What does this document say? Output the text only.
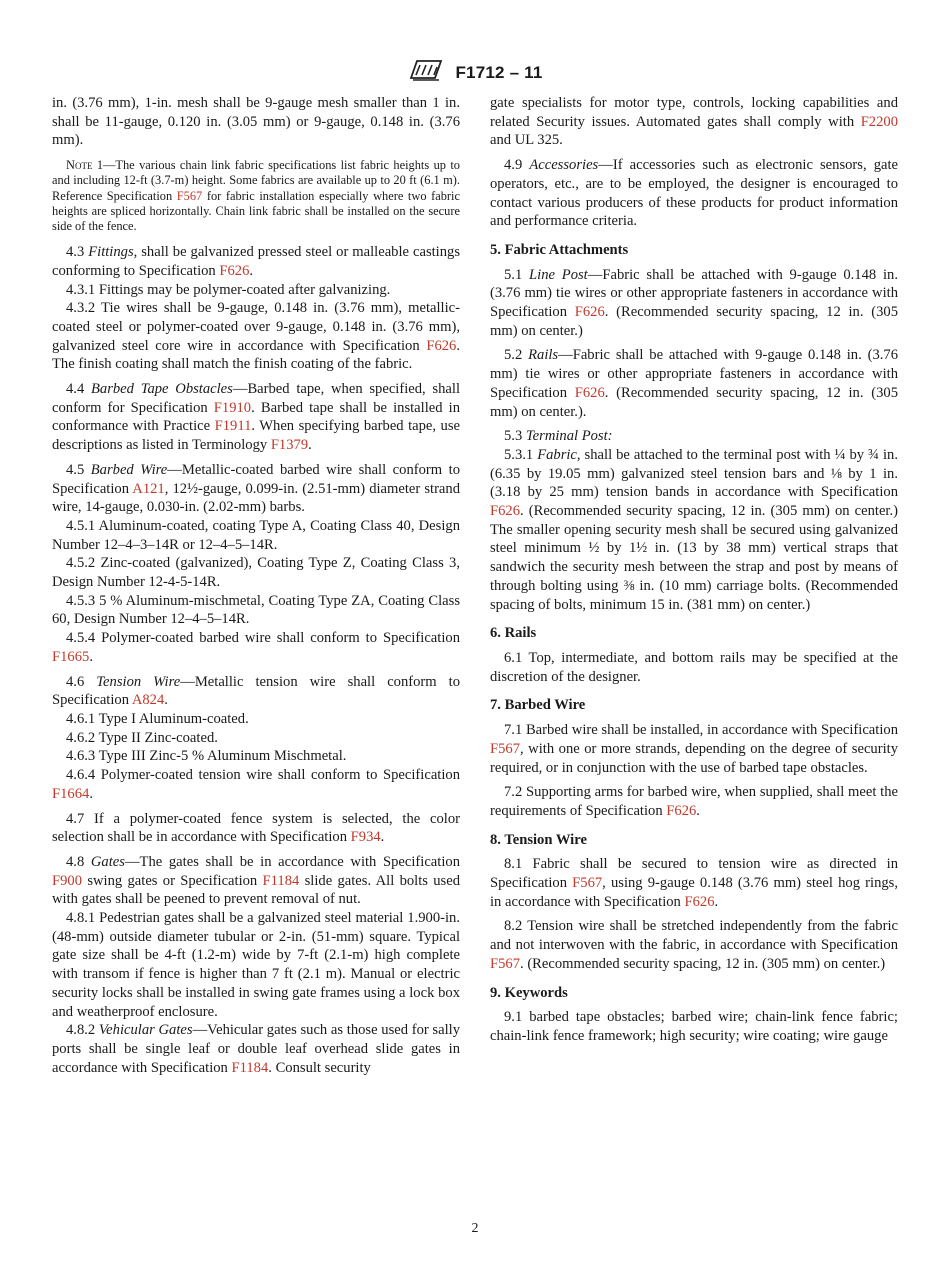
F1712 – 11

in. (3.76 mm), 1-in. mesh shall be 9-gauge mesh smaller than 1 in. shall be 11-gauge, 0.120 in. (3.05 mm) or 9-gauge, 0.148 in. (3.76 mm).

Note 1—The various chain link fabric specifications list fabric heights up to and including 12-ft (3.7-m) height. Some fabrics are available up to 20 ft (6.1 m). Reference Specification F567 for fabric installation especially where two fabric heights are spliced horizontally. Chain link fabric shall be installed on the secure side of the fence.

4.3 Fittings, shall be galvanized pressed steel or malleable castings conforming to Specification F626.

4.3.1 Fittings may be polymer-coated after galvanizing.

4.3.2 Tie wires shall be 9-gauge, 0.148 in. (3.76 mm), metallic-coated steel or polymer-coated over 9-gauge, 0.148 in. (3.76 mm), galvanized steel core wire in accordance with Specification F626. The finish coating shall match the finish coating of the fabric.

4.4 Barbed Tape Obstacles—Barbed tape, when specified, shall conform for Specification F1910. Barbed tape shall be installed in conformance with Practice F1911. When specifying barbed tape, use descriptions as listed in Terminology F1379.

4.5 Barbed Wire—Metallic-coated barbed wire shall conform to Specification A121, 12½-gauge, 0.099-in. (2.51-mm) diameter strand wire, 14-gauge, 0.030-in. (2.02-mm) barbs.

4.5.1 Aluminum-coated, coating Type A, Coating Class 40, Design Number 12–4–3–14R or 12–4–5–14R.

4.5.2 Zinc-coated (galvanized), Coating Type Z, Coating Class 3, Design Number 12-4-5-14R.

4.5.3 5 % Aluminum-mischmetal, Coating Type ZA, Coating Class 60, Design Number 12–4–5–14R.

4.5.4 Polymer-coated barbed wire shall conform to Specification F1665.

4.6 Tension Wire—Metallic tension wire shall conform to Specification A824.

4.6.1 Type I Aluminum-coated.

4.6.2 Type II Zinc-coated.

4.6.3 Type III Zinc-5 % Aluminum Mischmetal.

4.6.4 Polymer-coated tension wire shall conform to Specification F1664.

4.7 If a polymer-coated fence system is selected, the color selection shall be in accordance with Specification F934.

4.8 Gates—The gates shall be in accordance with Specification F900 swing gates or Specification F1184 slide gates. All bolts used with gates shall be peened to prevent removal of nut.

4.8.1 Pedestrian gates shall be a galvanized steel material 1.900-in. (48-mm) outside diameter tubular or 2-in. (51-mm) square. Typical gate size shall be 4-ft (1.2-m) wide by 7-ft (2.1-m) high complete with transom if fence is higher than 7 ft (2.1 m). Manual or electric security locks shall be installed in swing gate frames using a lock box and weatherproof enclosure.

4.8.2 Vehicular Gates—Vehicular gates such as those used for sally ports shall be single leaf or double leaf overhead slide gates in accordance with Specification F1184. Consult security

gate specialists for motor type, controls, locking capabilities and related Security issues. Automated gates shall comply with F2200 and UL 325.

4.9 Accessories—If accessories such as electronic sensors, gate operators, etc., are to be employed, the designer is encouraged to contact various producers of these products for product information and performance criteria.

5. Fabric Attachments

5.1 Line Post—Fabric shall be attached with 9-gauge 0.148 in. (3.76 mm) tie wires or other appropriate fasteners in accordance with Specification F626. (Recommended security spacing, 12 in. (305 mm) on center.)

5.2 Rails—Fabric shall be attached with 9-gauge 0.148 in. (3.76 mm) tie wires or other appropriate fasteners in accordance with Specification F626. (Recommended security spacing, 12 in. (305 mm) on center.).

5.3 Terminal Post:

5.3.1 Fabric, shall be attached to the terminal post with ¼ by ¾ in. (6.35 by 19.05 mm) galvanized steel tension bars and ⅛ by 1 in. (3.18 by 25 mm) tension bands in accordance with Specification F626. (Recommended security spacing, 12 in. (305 mm) on center.) The smaller opening security mesh shall be secured using galvanized steel minimum ½ by 1½ in. (13 by 38 mm) vertical straps that sandwich the security mesh between the strap and post by means of through bolting using ⅜ in. (10 mm) carriage bolts. (Recommended spacing of bolts, minimum 15 in. (381 mm) on center.)

6. Rails

6.1 Top, intermediate, and bottom rails may be specified at the discretion of the designer.

7. Barbed Wire

7.1 Barbed wire shall be installed, in accordance with Specification F567, with one or more strands, depending on the degree of security required, or in conjunction with the use of barbed tape obstacles.

7.2 Supporting arms for barbed wire, when supplied, shall meet the requirements of Specification F626.

8. Tension Wire

8.1 Fabric shall be secured to tension wire as directed in Specification F567, using 9-gauge 0.148 (3.76 mm) steel hog rings, in accordance with Specification F626.

8.2 Tension wire shall be stretched independently from the fabric and not interwoven with the fabric, in accordance with Specification F567. (Recommended security spacing, 12 in. (305 mm) on center.)

9. Keywords

9.1 barbed tape obstacles; barbed wire; chain-link fence fabric; chain-link fence framework; high security; wire coating; wire gauge

2
